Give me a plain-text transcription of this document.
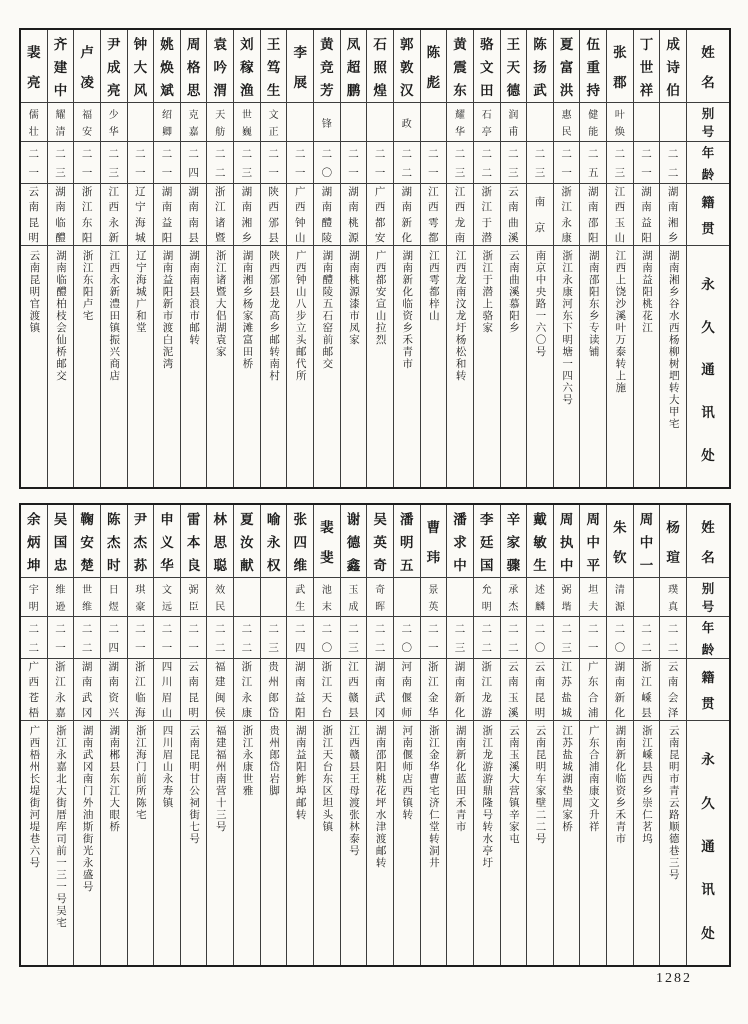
姓
名
别
号
年
龄
籍
贯
永
久
通
讯
处
成
诗
伯
二
二
湖
南
湘
乡
湖南湘乡谷水西杨柳树垇转大甲宅
丁
世
祥
二
一
湖
南
益
阳
湖南益阳桃花江
张
郡
叶
焕
二
三
江
西
玉
山
江西上饶沙溪叶万泰转上施
伍
重
持
健
能
二
五
湖
南
邵
阳
湖南邵阳东乡专读铺
夏
富
洪
惠
民
二
一
浙
江
永
康
浙江永康河东下明塘一四六号
陈
扬
武
二
三
南
京
南京中央路一六〇号
王
天
德
润
甫
二
三
云
南
曲
溪
云南曲溪慕阳乡
骆
文
田
石
亭
二
二
浙
江
于
潜
浙江于潜上骆家
黄
震
东
耀
华
二
三
江
西
龙
南
江西龙南汶龙圩杨松和转
陈
彪
二
一
江
西
雩
都
江西雩都梓山
郭
敦
汉
政
二
二
湖
南
新
化
湖南新化临资乡禾青市
石
照
煌
二
一
广
西
都
安
广西都安宣山拉烈
凤
超
鹏
二
一
湖
南
桃
源
湖南桃源漆市凤家
黄
竞
芳
锋
二
〇
湖
南
醴
陵
湖南醴陵五石窑前邮交
李
展
二
一
广
西
钟
山
广西钟山八步立头邮代所
王
笃
生
文
正
二
一
陕
西
邠
县
陕西邠县龙高乡邮转南村
刘
稼
渔
世
巍
二
三
湖
南
湘
乡
湖南湘乡杨家滩富田桥
袁
吟
渭
天
舫
二
二
浙
江
诸
暨
浙江诸暨大侣湖袁家
周
格
思
克
嘉
二
四
湖
南
南
县
湖南南县浪市邮转
姚
焕
斌
绍
卿
二
一
湖
南
益
阳
湖南益阳新市渡白泥湾
钟
大
风
二
一
辽
宁
海
城
辽宁海城广和堂
尹
成
亮
少
华
二
三
江
西
永
新
江西永新澧田镇振兴商店
卢
凌
福
安
二
一
浙
江
东
阳
浙江东阳卢宅
齐
建
中
耀
清
二
三
湖
南
临
醴
湖南临醴柏枝会仙桥邮交
裴
亮
儒
壮
二
一
云
南
昆
明
云南昆明官渡镇
姓
名
别
号
年
龄
籍
贯
永
久
通
讯
处
杨
瑄
璞
真
二
二
云
南
会
泽
云南昆明市青云路顺德巷三号
周
中
一
二
二
浙
江
嵊
县
浙江嵊县西乡崇仁茗坞
朱
钦
清
源
二
〇
湖
南
新
化
湖南新化临资乡禾青市
周
中
平
坦
夫
二
一
广
东
合
浦
广东合浦南康文升祥
周
执
中
弼
堦
二
三
江
苏
盐
城
江苏盐城湖垫周家桥
戴
敏
生
述
麟
二
〇
云
南
昆
明
云南昆明车家壁二二号
辛
家
骤
承
杰
二
二
云
南
玉
溪
云南玉溪大营镇辛家屯
李
廷
国
允
明
二
二
浙
江
龙
游
浙江龙游游鼎隆号转水亭圩
潘
求
中
二
三
湖
南
新
化
湖南新化蓝田禾青市
曹
玮
景
英
二
一
浙
江
金
华
浙江金华曹宅济仁堂转洞井
潘
明
五
二
〇
河
南
偃
师
河南偃师店西镇转
吴
英
奇
奇
晖
二
二
湖
南
武
冈
湖南邵阳桃花坪水津渡邮转
谢
德
鑫
玉
成
二
三
江
西
赣
县
江西赣县王母渡张林泰号
裴
斐
池
末
二
〇
浙
江
天
台
浙江天台东区坦头镇
张
四
维
武
生
二
四
湖
南
益
阳
湖南益阳鲊埠邮转
喻
永
权
二
三
贵
州
郎
岱
贵州郎岱岩脚
夏
汝
献
二
二
浙
江
永
康
浙江永康世雅
林
思
聪
效
民
二
二
福
建
闽
侯
福建福州南营十三号
雷
本
良
弼
臣
二
一
云
南
昆
明
云南昆明甘公祠街七号
申
义
华
文
远
二
一
四
川
眉
山
四川眉山永寿镇
尹
杰
荪
琪
豪
二
一
浙
江
临
海
浙江海门前所陈宅
陈
杰
时
日
煜
二
四
湖
南
资
兴
湖南郴县东江大眼桥
鞠
安
楚
世
维
二
二
湖
南
武
冈
湖南武冈南门外油斯街光永盛号
吴
国
忠
维
逊
二
一
浙
江
永
嘉
浙江永嘉北大街厝库司前一三一号吴宅
余
炳
坤
宇
明
二
二
广
西
苍
梧
广西梧州长堤街河堤巷六号
1282
